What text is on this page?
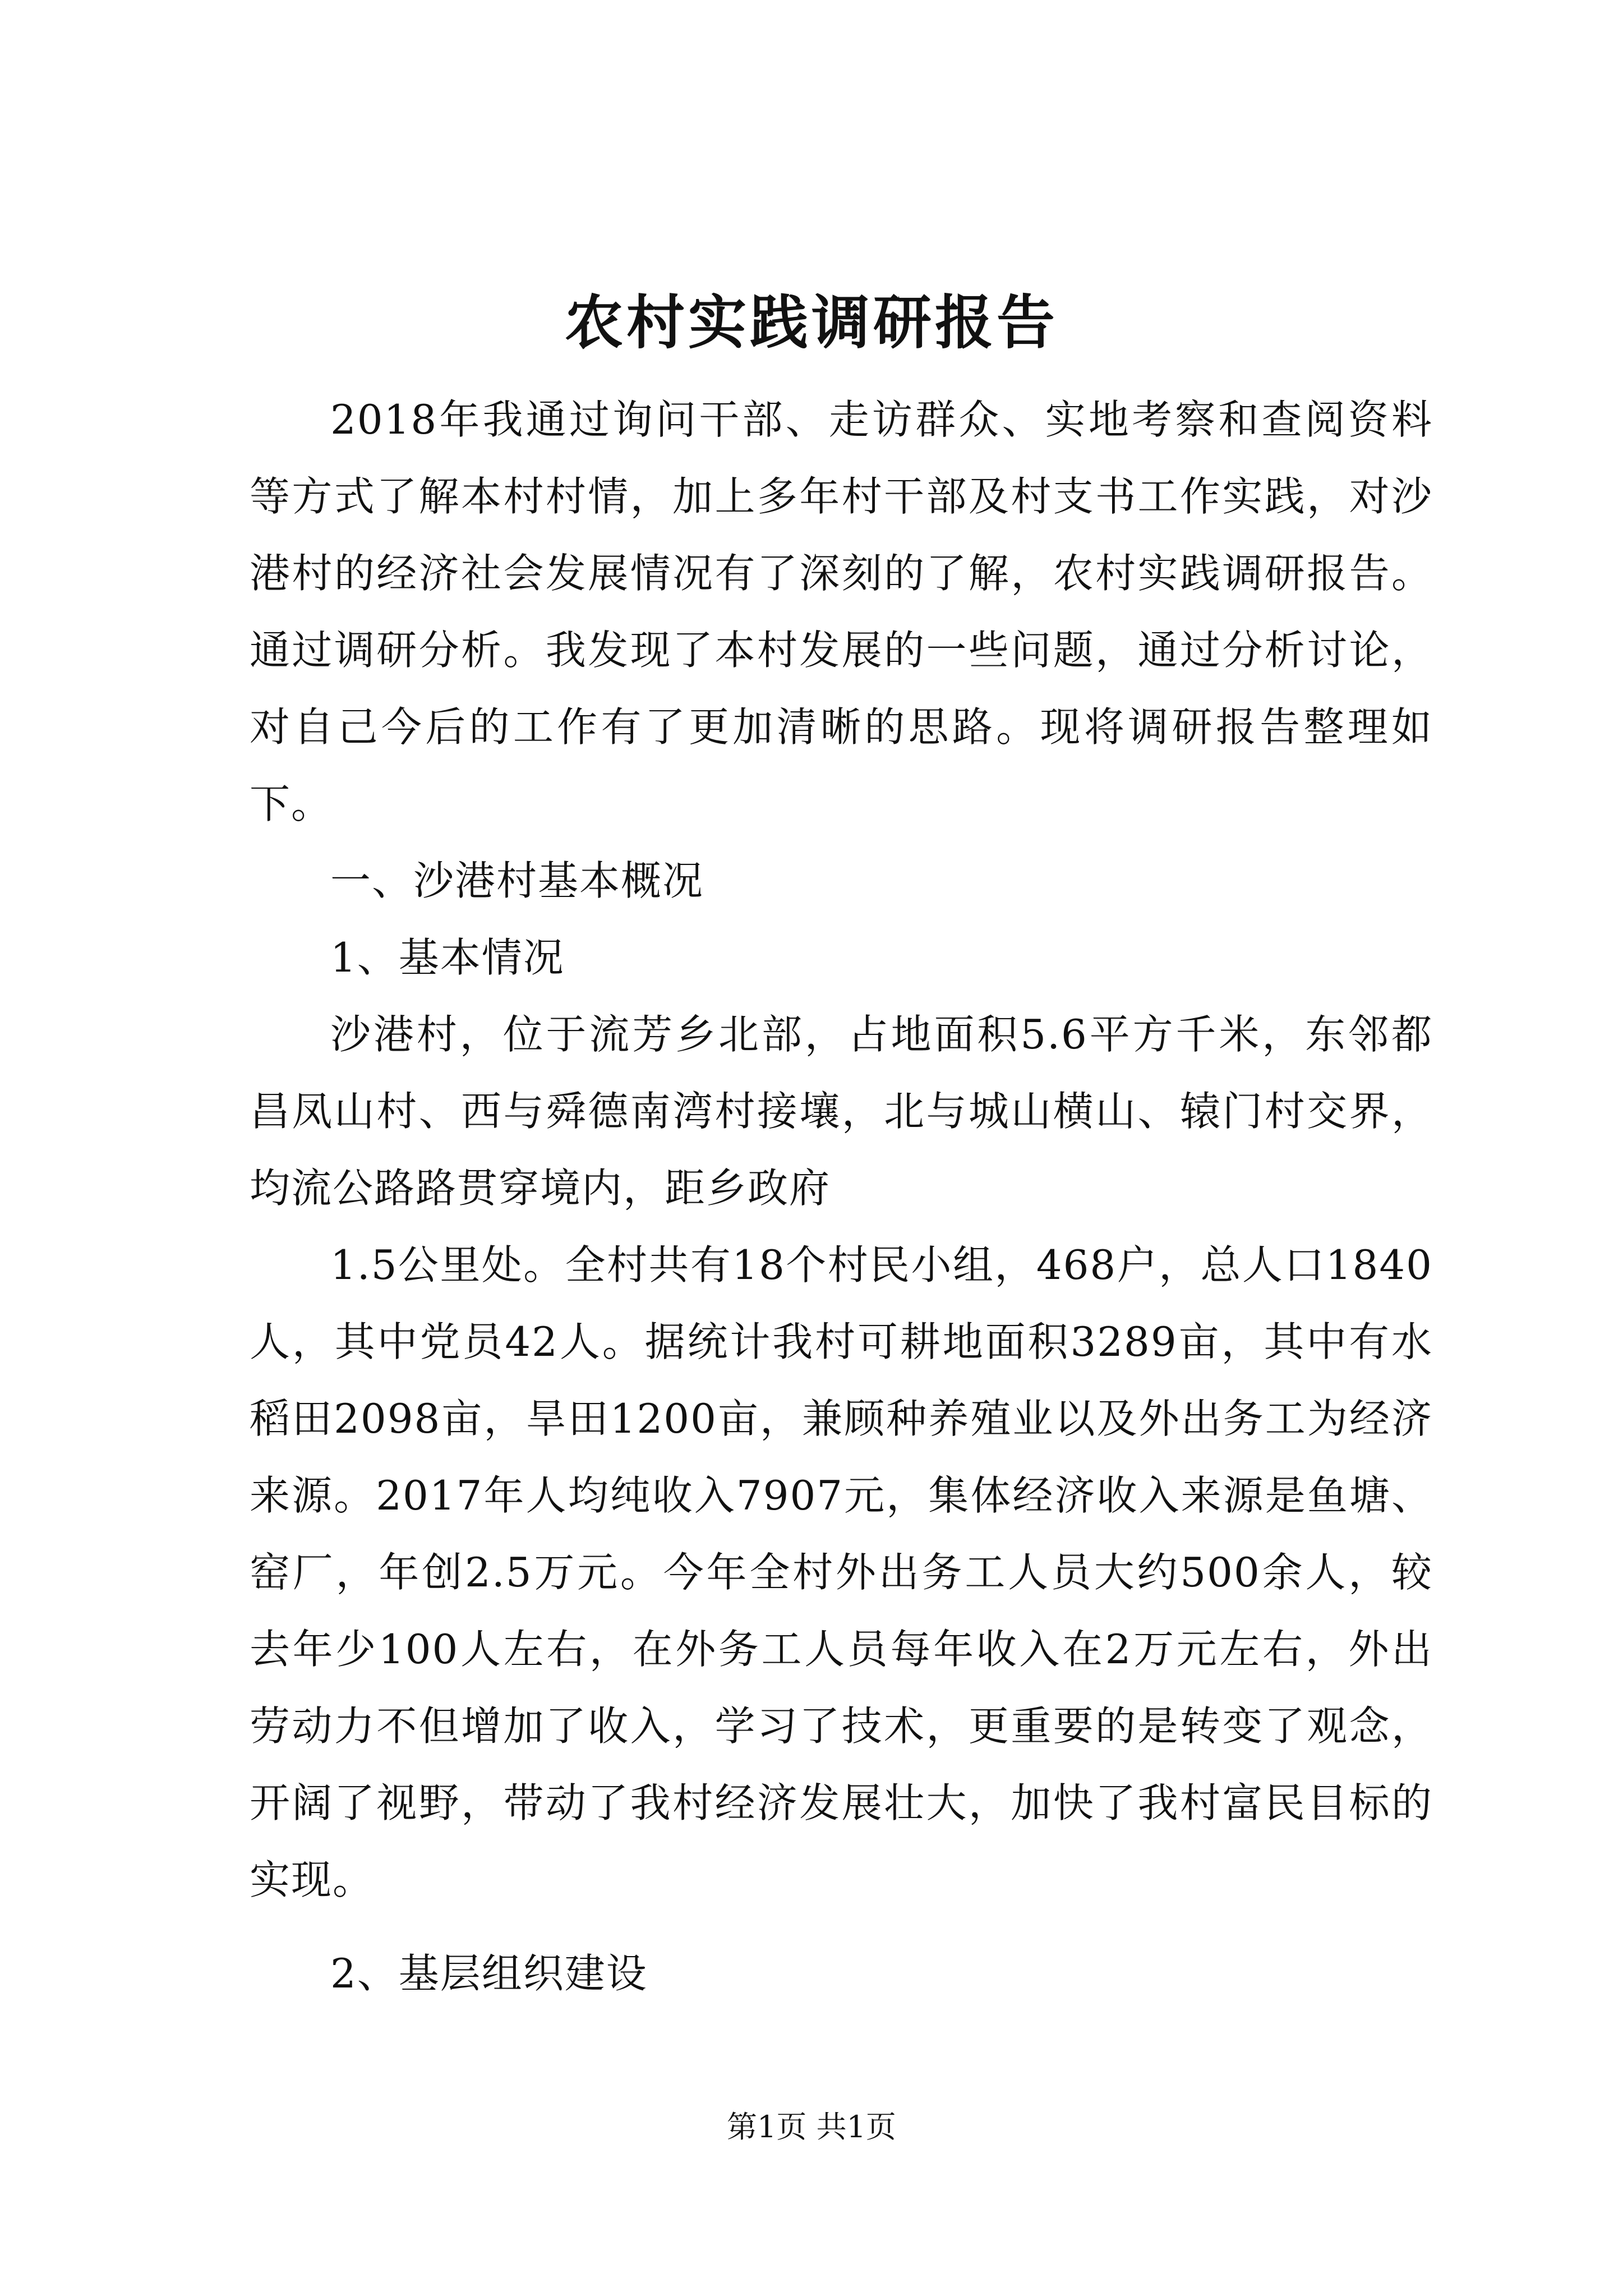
农村实践调研报告

2018年我通过询问干部、走访群众、实地考察和查阅资料等方式了解本村村情，加上多年村干部及村支书工作实践，对沙港村的经济社会发展情况有了深刻的了解，农村实践调研报告。通过调研分析。我发现了本村发展的一些问题，通过分析讨论，对自己今后的工作有了更加清晰的思路。现将调研报告整理如下。

一、沙港村基本概况

1、基本情况

沙港村，位于流芳乡北部，占地面积5.6平方千米，东邻都昌凤山村、西与舜德南湾村接壤，北与城山横山、辕门村交界，均流公路路贯穿境内，距乡政府

1.5公里处。全村共有18个村民小组，468户，总人口1840人，其中党员42人。据统计我村可耕地面积3289亩，其中有水稻田2098亩，旱田1200亩，兼顾种养殖业以及外出务工为经济来源。2017年人均纯收入7907元，集体经济收入来源是鱼塘、窑厂，年创2.5万元。今年全村外出务工人员大约500余人，较去年少100人左右，在外务工人员每年收入在2万元左右，外出劳动力不但增加了收入，学习了技术，更重要的是转变了观念，开阔了视野，带动了我村经济发展壮大，加快了我村富民目标的实现。

2、基层组织建设

第1页 共1页
